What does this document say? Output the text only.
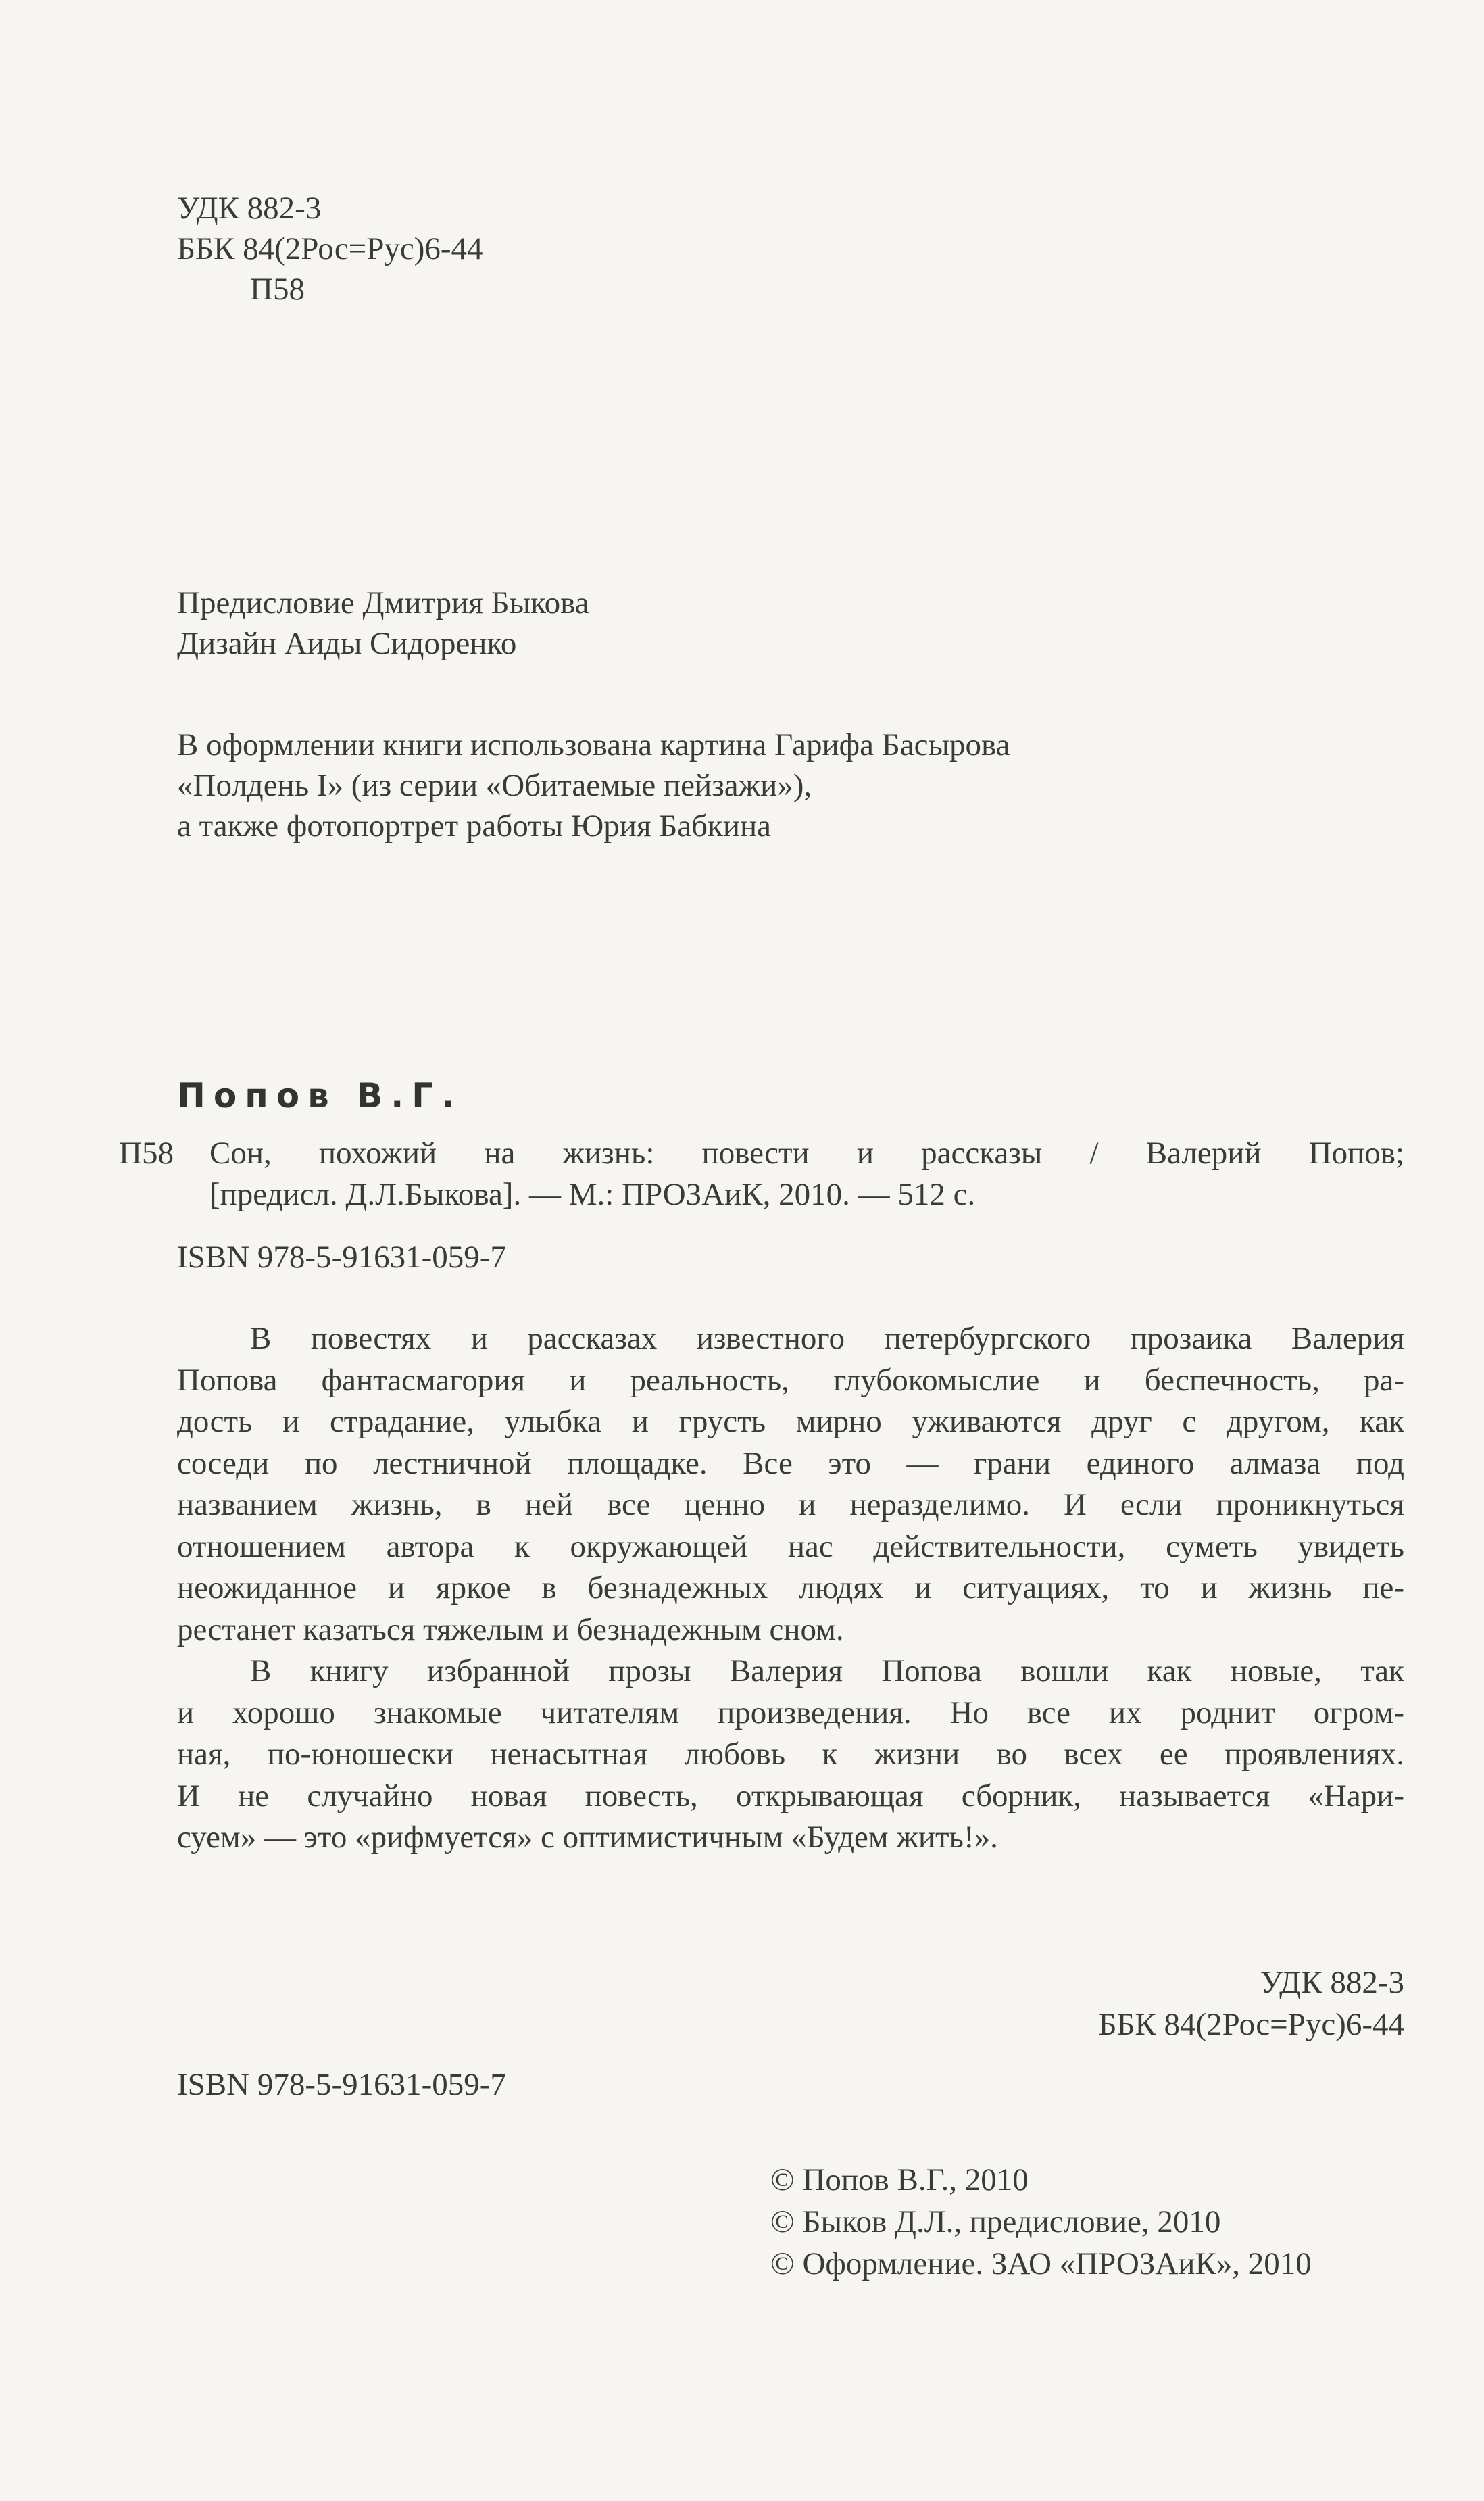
УДК 882-3
ББК 84(2Рос=Рус)6-44
П58
Предисловие Дмитрия Быкова
Дизайн Аиды Сидоренко
В оформлении книги использована картина Гарифа Басырова
«Полдень I» (из серии «Обитаемые пейзажи»),
а также фотопортрет работы Юрия Бабкина
Попов В.Г.
П58 Сон, похожий на жизнь: повести и рассказы / Валерий Попов;
[предисл. Д.Л.Быкова]. — М.: ПРОЗАиК, 2010. — 512 с.
ISBN 978-5-91631-059-7
В повестях и рассказах известного петербургского прозаика Валерия
Попова фантасмагория и реальность, глубокомыслие и беспечность, ра-
дость и страдание, улыбка и грусть мирно уживаются друг с другом, как
соседи по лестничной площадке. Все это — грани единого алмаза под
названием жизнь, в ней все ценно и неразделимо. И если проникнуться
отношением автора к окружающей нас действительности, суметь увидеть
неожиданное и яркое в безнадежных людях и ситуациях, то и жизнь пе-
рестанет казаться тяжелым и безнадежным сном.
В книгу избранной прозы Валерия Попова вошли как новые, так
и хорошо знакомые читателям произведения. Но все их роднит огром-
ная, по-юношески ненасытная любовь к жизни во всех ее проявлениях.
И не случайно новая повесть, открывающая сборник, называется «Нари-
суем» — это «рифмуется» с оптимистичным «Будем жить!».
УДК 882-3
ББК 84(2Рос=Рус)6-44
ISBN 978-5-91631-059-7
© Попов В.Г., 2010
© Быков Д.Л., предисловие, 2010
© Оформление. ЗАО «ПРОЗАиК», 2010
